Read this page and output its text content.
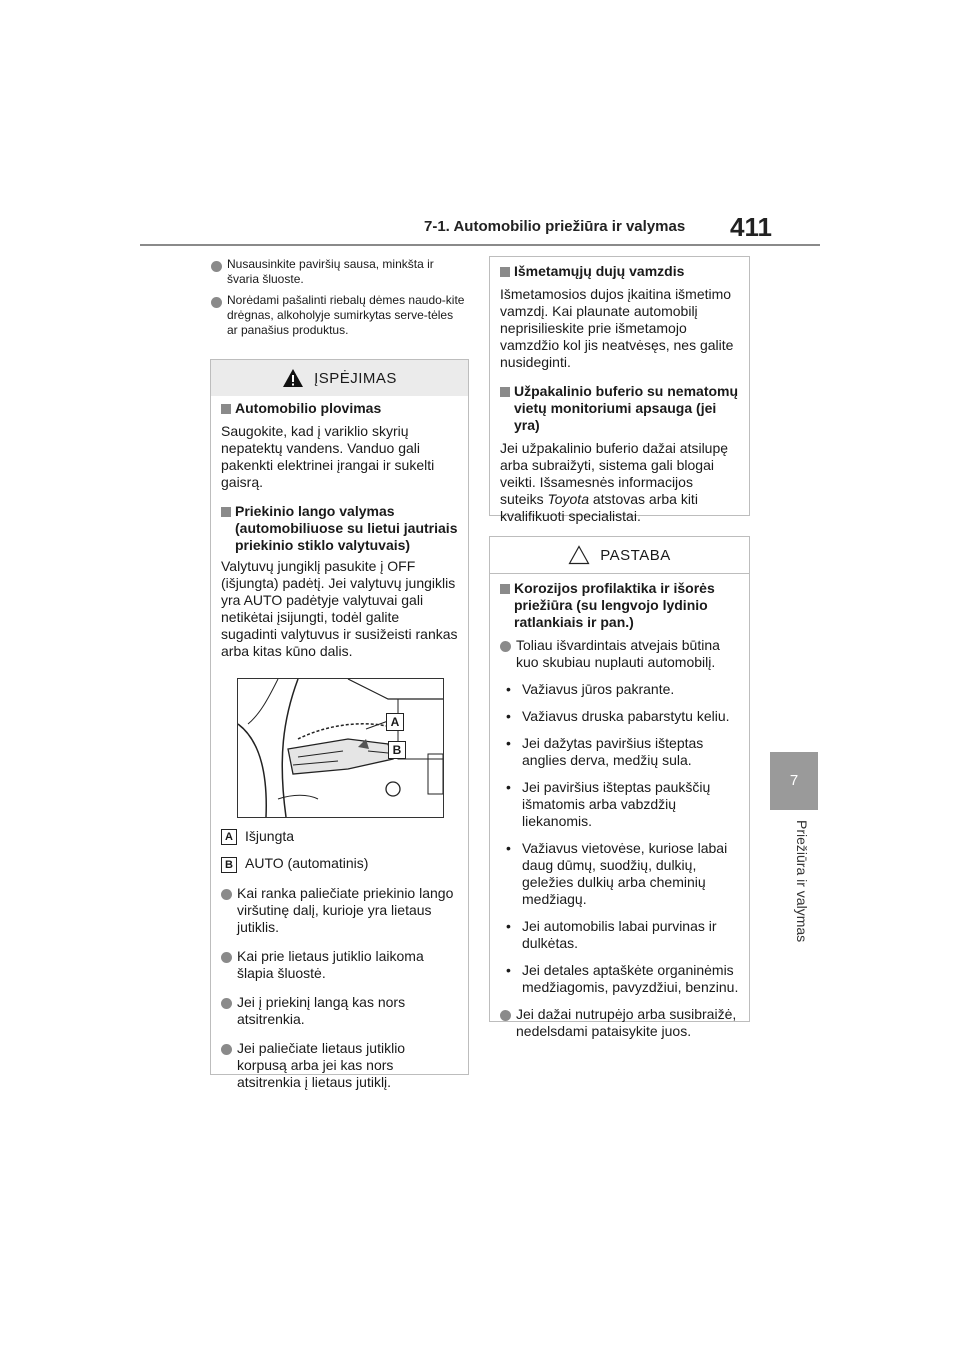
7-1. Automobilio priežiūra ir valymas 411
7
Priežiūra ir valymas
Nusausinkite paviršių sausa, minkšta ir švaria šluoste.
Norėdami pašalinti riebalų dėmes naudo-kite drėgnas, alkoholyje sumirkytas serve-tėles ar panašius produktus.
ĮSPĖJIMAS

Automobilio plovimas

Saugokite, kad į variklio skyrių nepatektų vandens. Vanduo gali pakenkti elektrinei įrangai ir sukelti gaisrą.

Priekinio lango valymas (automobiliuose su lietui jautriais priekinio stiklo valytuvais)

Valytuvų jungiklį pasukite į OFF (išjungta) padėtį. Jei valytuvų jungiklis yra AUTO padėtyje valytuvai gali netikėtai įsijungti, todėl galite sugadinti valytuvus ir susižeisti rankas arba kitas kūno dalis.

A
B

A Išjungta

B AUTO (automatinis)

Kai ranka paliečiate priekinio lango viršutinę dalį, kurioje yra lietaus jutiklis.

Kai prie lietaus jutiklio laikoma šlapia šluostė.

Jei į priekinį langą kas nors atsitrenkia.

Jei paliečiate lietaus jutiklio korpusą arba jei kas nors atsitrenkia į lietaus jutiklį.

Išmetamųjų dujų vamzdis

Išmetamosios dujos įkaitina išmetimo vamzdį. Kai plaunate automobilį neprisilieskite prie išmetamojo vamzdžio kol jis neatvėsęs, nes galite nusideginti.

Užpakalinio buferio su nematomų vietų monitoriumi apsauga (jei yra)

Jei užpakalinio buferio dažai atsilupę arba subraižyti, sistema gali blogai veikti. Išsamesnės informacijos suteiks Toyota atstovas arba kiti kvalifikuoti specialistai.

PASTABA

Korozijos profilaktika ir išorės priežiūra (su lengvojo lydinio ratlankiais ir pan.)

Toliau išvardintais atvejais būtina kuo skubiau nuplauti automobilį.

• Važiavus jūros pakrante.

• Važiavus druska pabarstytu keliu.

• Jei dažytas paviršius išteptas anglies derva, medžių sula.

• Jei paviršius išteptas paukščių išmatomis arba vabzdžių liekanomis.

• Važiavus vietovėse, kuriose labai daug dūmų, suodžių, dulkių, geležies dulkių arba cheminių medžiagų.

• Jei automobilis labai purvinas ir dulkėtas.

• Jei detales aptaškėte organinėmis medžiagomis, pavyzdžiui, benzinu.

Jei dažai nutrupėjo arba susibraižė, nedelsdami pataisykite juos.
